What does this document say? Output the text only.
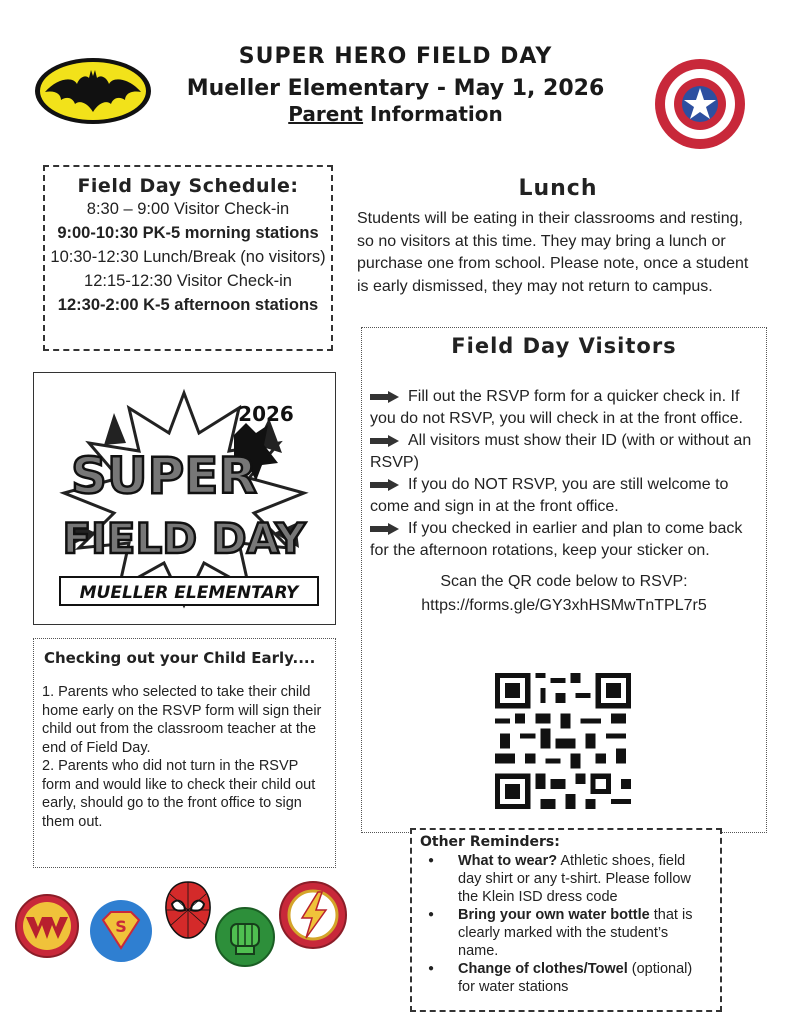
SUPER HERO FIELD DAY
Mueller Elementary - May 1, 2026
Parent Information
Field Day Schedule:
8:30 – 9:00 Visitor Check-in
9:00-10:30 PK-5 morning stations
10:30-12:30 Lunch/Break (no visitors)
12:15-12:30 Visitor Check-in
12:30-2:00 K-5 afternoon stations
Lunch
Students will be eating in their classrooms and resting, so no visitors at this time. They may bring a lunch or purchase one from school. Please note, once a student is early dismissed, they may not return to campus.
2026
SUPER
FIELD DAY
MUELLER ELEMENTARY
Checking out your Child Early....
1. Parents who selected to take their child home early on the RSVP form will sign their child out from the classroom teacher at the end of Field Day.
2. Parents who did not turn in the RSVP form and would like to check their child out early, should go to the front office to sign them out.
Field Day Visitors
Fill out the RSVP form for a quicker check in. If you do not RSVP, you will check in at the front office.
All visitors must show their ID (with or without an RSVP)
If you do NOT RSVP, you are still welcome to come and sign in at the front office.
If you checked in earlier and plan to come back for the afternoon rotations, keep your sticker on.
Scan the QR code below to RSVP:
https://forms.gle/GY3xhHSMwTnTPL7r5
Other Reminders:
● What to wear? Athletic shoes, field day shirt or any t-shirt. Please follow the Klein ISD dress code
● Bring your own water bottle that is clearly marked with the student’s name.
● Change of clothes/Towel (optional) for water stations
S
